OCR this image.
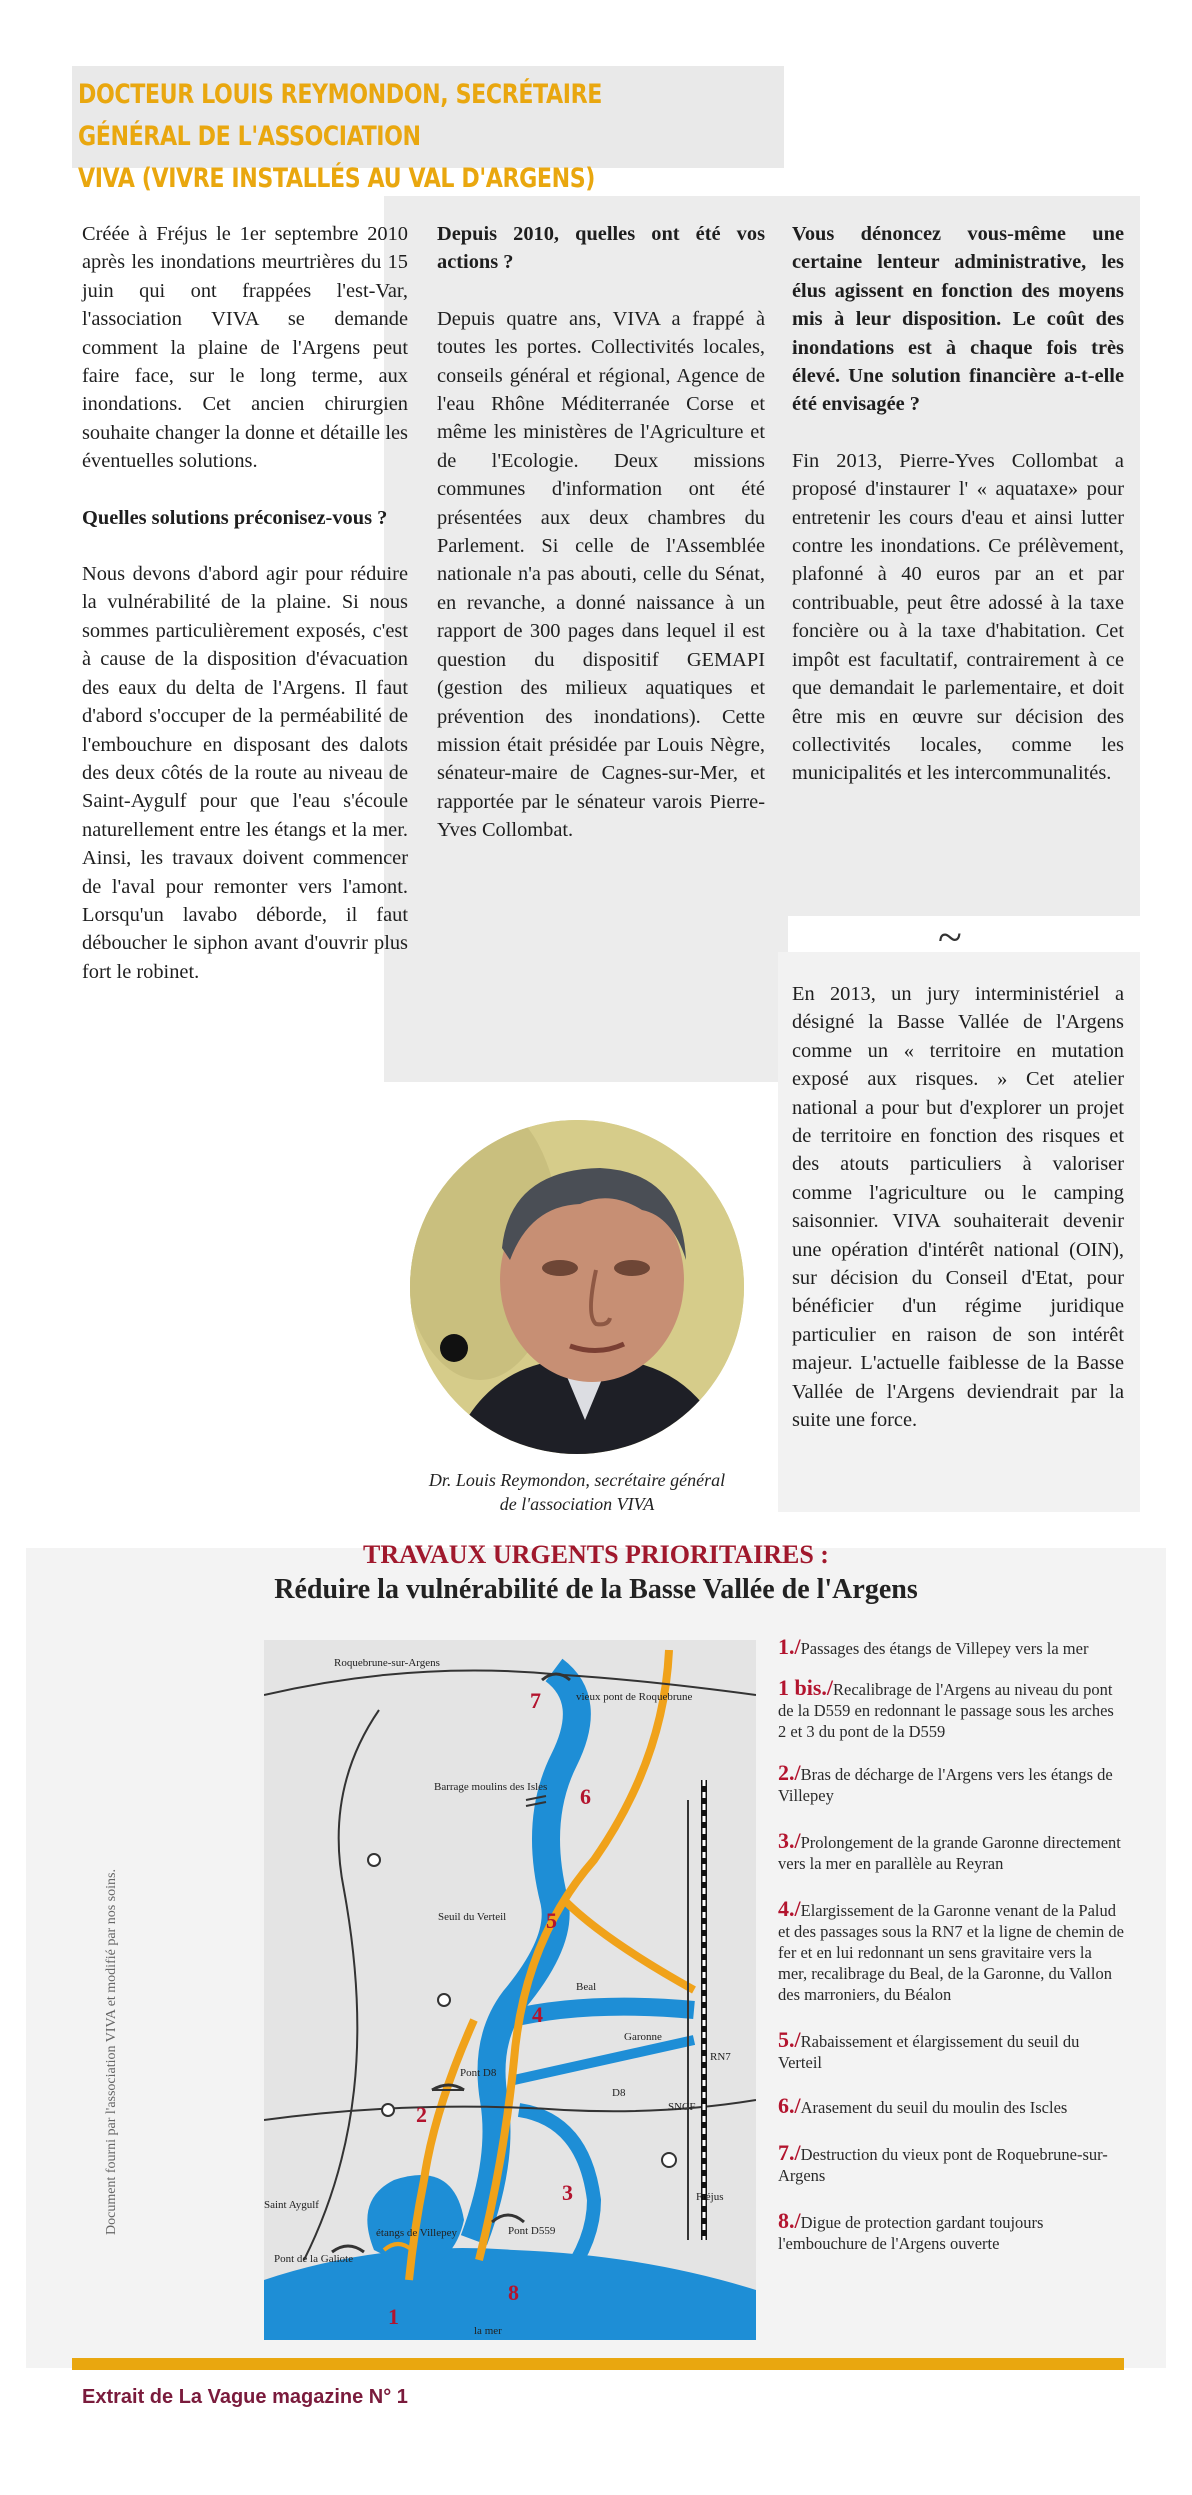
DOCTEUR LOUIS REYMONDON, SECRÉTAIRE GÉNÉRAL DE L'ASSOCIATION
VIVA (VIVRE INSTALLÉS AU VAL D'ARGENS)

Créée à Fréjus le 1er septembre 2010 après les inondations meurtrières du 15 juin qui ont frappées l'est-Var, l'association VIVA se demande comment la plaine de l'Argens peut faire face, sur le long terme, aux inondations. Cet ancien chirurgien souhaite changer la donne et détaille les éventuelles solutions.

Quelles solutions préconisez-vous ?

Nous devons d'abord agir pour réduire la vulnérabilité de la plaine. Si nous sommes particulièrement exposés, c'est à cause de la disposition d'évacuation des eaux du delta de l'Argens. Il faut d'abord s'occuper de la perméabilité de l'embouchure en disposant des dalots des deux côtés de la route au niveau de Saint-Aygulf pour que l'eau s'écoule naturellement entre les étangs et la mer. Ainsi, les travaux doivent commencer de l'aval pour remonter vers l'amont. Lorsqu'un lavabo déborde, il faut déboucher le siphon avant d'ouvrir plus fort le robinet.

Depuis 2010, quelles ont été vos actions ?

Depuis quatre ans, VIVA a frappé à toutes les portes. Collectivités locales, conseils général et régional, Agence de l'eau Rhône Méditerranée Corse et même les ministères de l'Agriculture et de l'Ecologie. Deux missions communes d'information ont été présentées aux deux chambres du Parlement. Si celle de l'Assemblée nationale n'a pas abouti, celle du Sénat, en revanche, a donné naissance à un rapport de 300 pages dans lequel il est question du dispositif GEMAPI (gestion des milieux aquatiques et prévention des inondations). Cette mission était présidée par Louis Nègre, sénateur-maire de Cagnes-sur-Mer, et rapportée par le sénateur varois Pierre-Yves Collombat.

Vous dénoncez vous-même une certaine lenteur administrative, les élus agissent en fonction des moyens mis à leur disposition. Le coût des inondations est à chaque fois très élevé. Une solution financière a-t-elle été envisagée ?

Fin 2013, Pierre-Yves Collombat a proposé d'instaurer l' « aquataxe» pour entretenir les cours d'eau et ainsi lutter contre les inondations. Ce prélèvement, plafonné à 40 euros par an et par contribuable, peut être adossé à la taxe foncière ou à la taxe d'habitation. Cet impôt est facultatif, contrairement à ce que demandait le parlementaire, et doit être mis en œuvre sur décision des collectivités locales, comme les municipalités et les intercommunalités.

~

En 2013, un jury interministériel a désigné la Basse Vallée de l'Argens comme un « territoire en mutation exposé aux risques. » Cet atelier national a pour but d'explorer un projet de territoire en fonction des risques et des atouts particuliers à valoriser comme l'agriculture ou le camping saisonnier. VIVA souhaiterait devenir une opération d'intérêt national (OIN), sur décision du Conseil d'Etat, pour bénéficier d'un régime juridique particulier en raison de son intérêt majeur. L'actuelle faiblesse de la Basse Vallée de l'Argens deviendrait par la suite une force.

Dr. Louis Reymondon, secrétaire général
de l'association VIVA
TRAVAUX URGENTS PRIORITAIRES :
Réduire la vulnérabilité de la Basse Vallée de l'Argens
Document fourni par l'association VIVA et modifié par nos soins.
Roquebrune-sur-Argens
vieux pont de Roquebrune
Barrage moulins des Isles
Seuil du Verteil
Beal
Garonne
RN7
SNCF
Pont D8
D8
Saint Aygulf
étangs de Villepey	Pont D559
Pont de la Galiote
Fréjus
la mer
1
2
3
4
5
6
7
8

1./Passages des étangs de Villepey vers la mer

1 bis./Recalibrage de l'Argens au niveau du pont de la D559 en redonnant le passage sous les arches 2 et 3 du pont de la D559

2./Bras de décharge de l'Argens vers les étangs de Villepey

3./Prolongement de la grande Garonne directement vers la mer en parallèle au Reyran

4./Elargissement de la Garonne venant de la Palud et des passages sous la RN7 et la ligne de chemin de fer et en lui redonnant un sens gravitaire vers la mer, recalibrage du Beal, de la Garonne, du Vallon des marroniers, du Béalon

5./Rabaissement et élargissement du seuil du Verteil

6./Arasement du seuil du moulin des Iscles

7./Destruction du vieux pont de Roquebrune-sur-Argens

8./Digue de protection gardant toujours l'embouchure de l'Argens ouverte

Extrait de La Vague magazine N° 1
